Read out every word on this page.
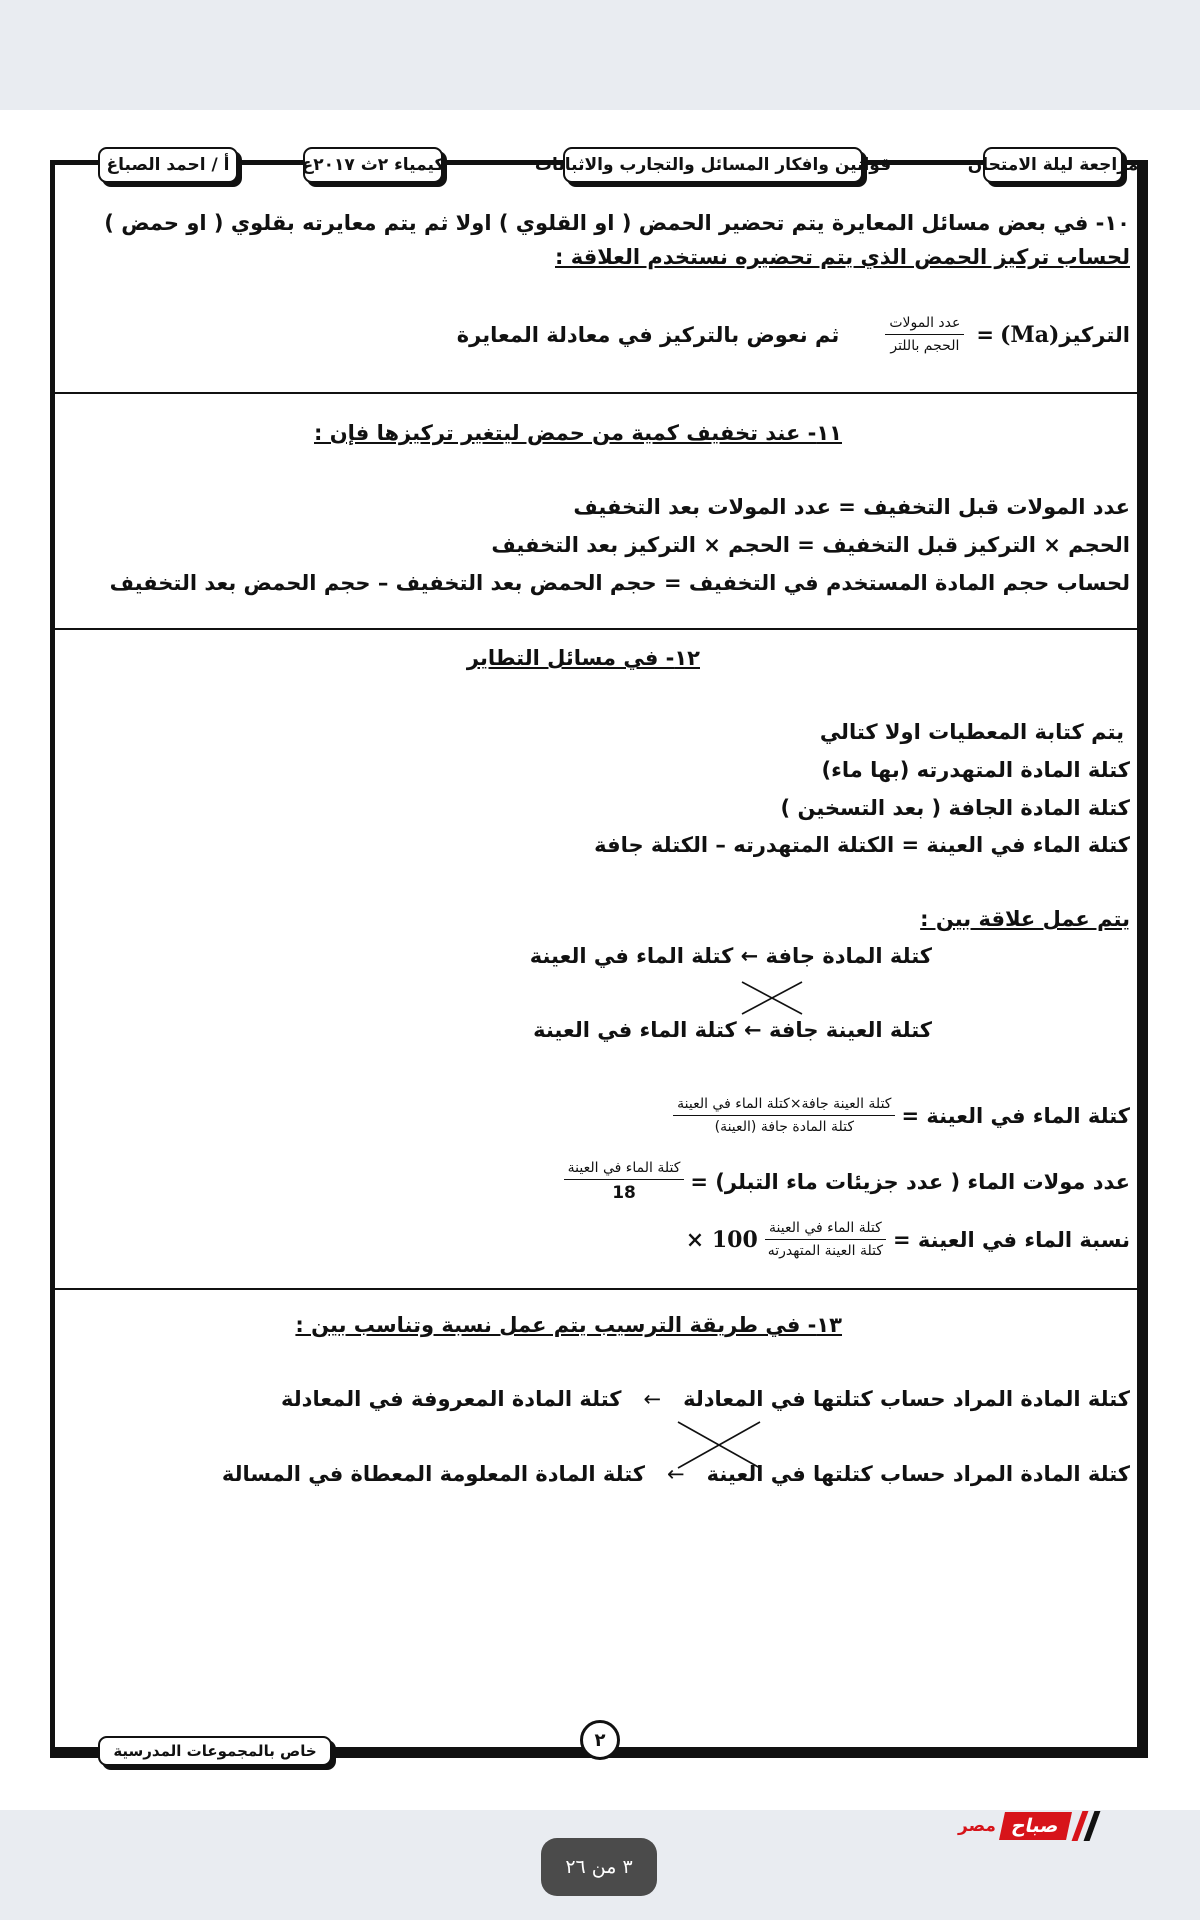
مراجعة ليلة الامتحان
قوانين وافكار المسائل والتجارب والاثباتات
كيمياء ٢ث ٢٠١٧ع
أ / احمد الصباغ
١٠- في بعض مسائل المعايرة يتم تحضير الحمض ( او القلوي ) اولا ثم يتم معايرته بقلوي ( او حمض )
لحساب تركيز الحمض الذي يتم تحضيره نستخدم العلاقة :
التركيز
(Ma)
=
$\frac{\text{عدد المولات}}{\text{الحجم باللتر}}$
ثم نعوض بالتركيز في معادلة المعايرة
١١- عند تخفيف كمية من حمض ليتغير تركيزها فإن :
عدد المولات قبل التخفيف = عدد المولات بعد التخفيف
الحجم × التركيز قبل التخفيف = الحجم × التركيز بعد التخفيف
لحساب حجم المادة المستخدم في التخفيف = حجم الحمض بعد التخفيف – حجم الحمض بعد التخفيف
١٢- في مسائل التطاير
يتم كتابة المعطيات اولا كتالي
كتلة المادة المتهدرته (بها ماء)
كتلة المادة الجافة ( بعد التسخين )
كتلة الماء في العينة = الكتلة المتهدرته – الكتلة جافة
يتم عمل علاقة بين :
كتلة المادة جافة ← كتلة الماء في العينة
كتلة العينة جافة ← كتلة الماء في العينة
كتلة الماء في العينة =
$\frac{\text{كتلة العينة جافة×كتلة الماء في العينة}}{\text{كتلة المادة جافة (العينة)}}$
عدد مولات الماء ( عدد جزيئات ماء التبلر) =
$\frac{\text{كتلة الماء في العينة}}{18}$
نسبة الماء في العينة =
$\frac{\text{كتلة الماء في العينة}}{\text{كتلة العينة المتهدرته}}$
× 100
١٣- في طريقة الترسيب يتم عمل نسبة وتناسب بين :
كتلة المادة المراد حساب كتلتها في المعادلة
←
كتلة المادة المعروفة في المعادلة
كتلة المادة المراد حساب كتلتها في العينة
←
كتلة المادة المعلومة المعطاة في المسالة
خاص بالمجموعات المدرسية
٢
مصر صباح
٣ من ٢٦
